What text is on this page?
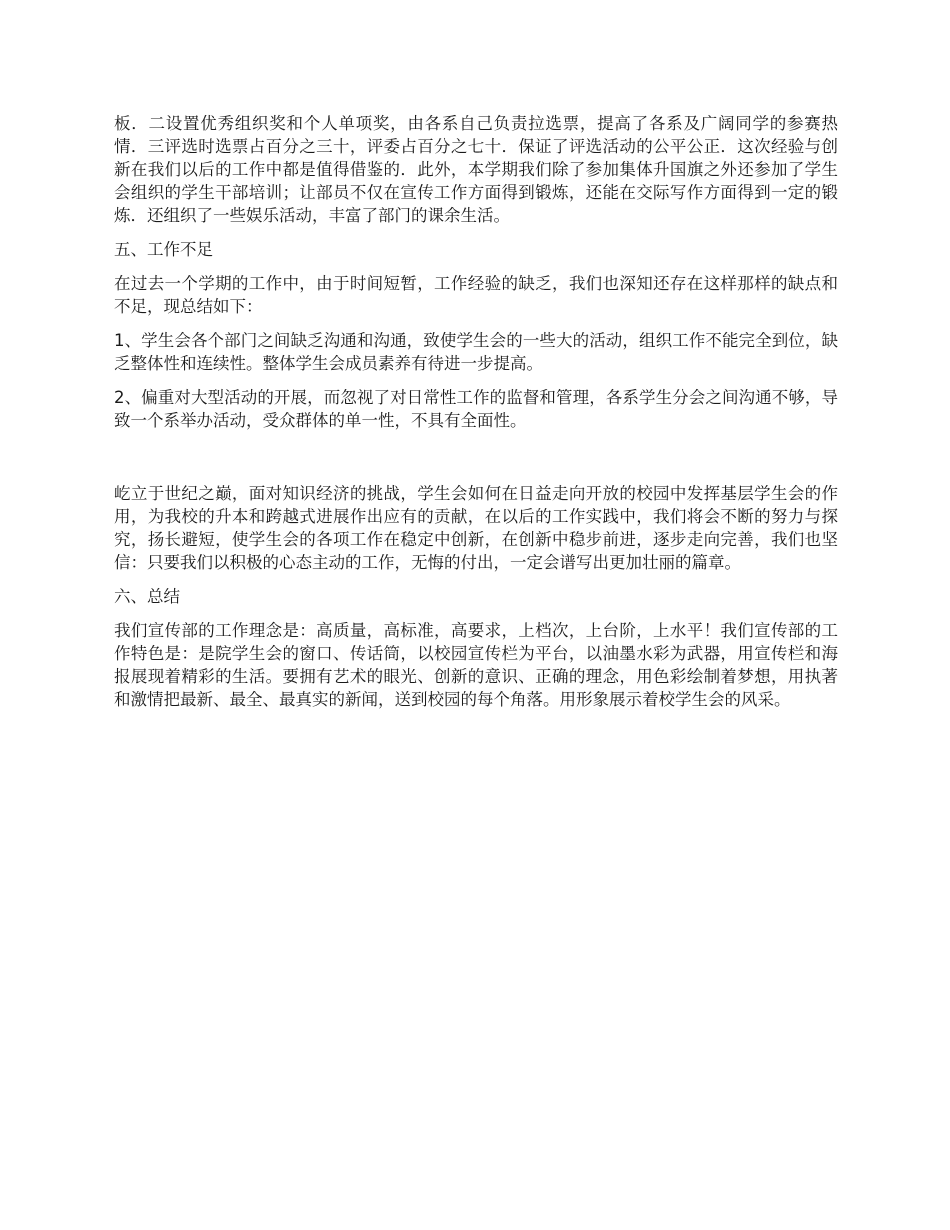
板．二设置优秀组织奖和个人单项奖，由各系自己负责拉选票，提高了各系及广阔同学的参赛热情．三评选时选票占百分之三十，评委占百分之七十．保证了评选活动的公平公正．这次经验与创新在我们以后的工作中都是值得借鉴的．此外，本学期我们除了参加集体升国旗之外还参加了学生会组织的学生干部培训；让部员不仅在宣传工作方面得到锻炼，还能在交际写作方面得到一定的锻炼．还组织了一些娱乐活动，丰富了部门的课余生活。

五、工作不足

在过去一个学期的工作中，由于时间短暂，工作经验的缺乏，我们也深知还存在这样那样的缺点和不足，现总结如下：

1、学生会各个部门之间缺乏沟通和沟通，致使学生会的一些大的活动，组织工作不能完全到位，缺乏整体性和连续性。整体学生会成员素养有待进一步提高。

2、偏重对大型活动的开展，而忽视了对日常性工作的监督和管理，各系学生分会之间沟通不够，导致一个系举办活动，受众群体的单一性，不具有全面性。

屹立于世纪之巅，面对知识经济的挑战，学生会如何在日益走向开放的校园中发挥基层学生会的作用，为我校的升本和跨越式进展作出应有的贡献，在以后的工作实践中，我们将会不断的努力与探究，扬长避短，使学生会的各项工作在稳定中创新，在创新中稳步前进，逐步走向完善，我们也坚信：只要我们以积极的心态主动的工作，无悔的付出，一定会谱写出更加壮丽的篇章。

六、总结

我们宣传部的工作理念是：高质量，高标准，高要求，上档次，上台阶，上水平！我们宣传部的工作特色是：是院学生会的窗口、传话筒，以校园宣传栏为平台，以油墨水彩为武器，用宣传栏和海报展现着精彩的生活。要拥有艺术的眼光、创新的意识、正确的理念，用色彩绘制着梦想，用执著和激情把最新、最全、最真实的新闻，送到校园的每个角落。用形象展示着校学生会的风采。
